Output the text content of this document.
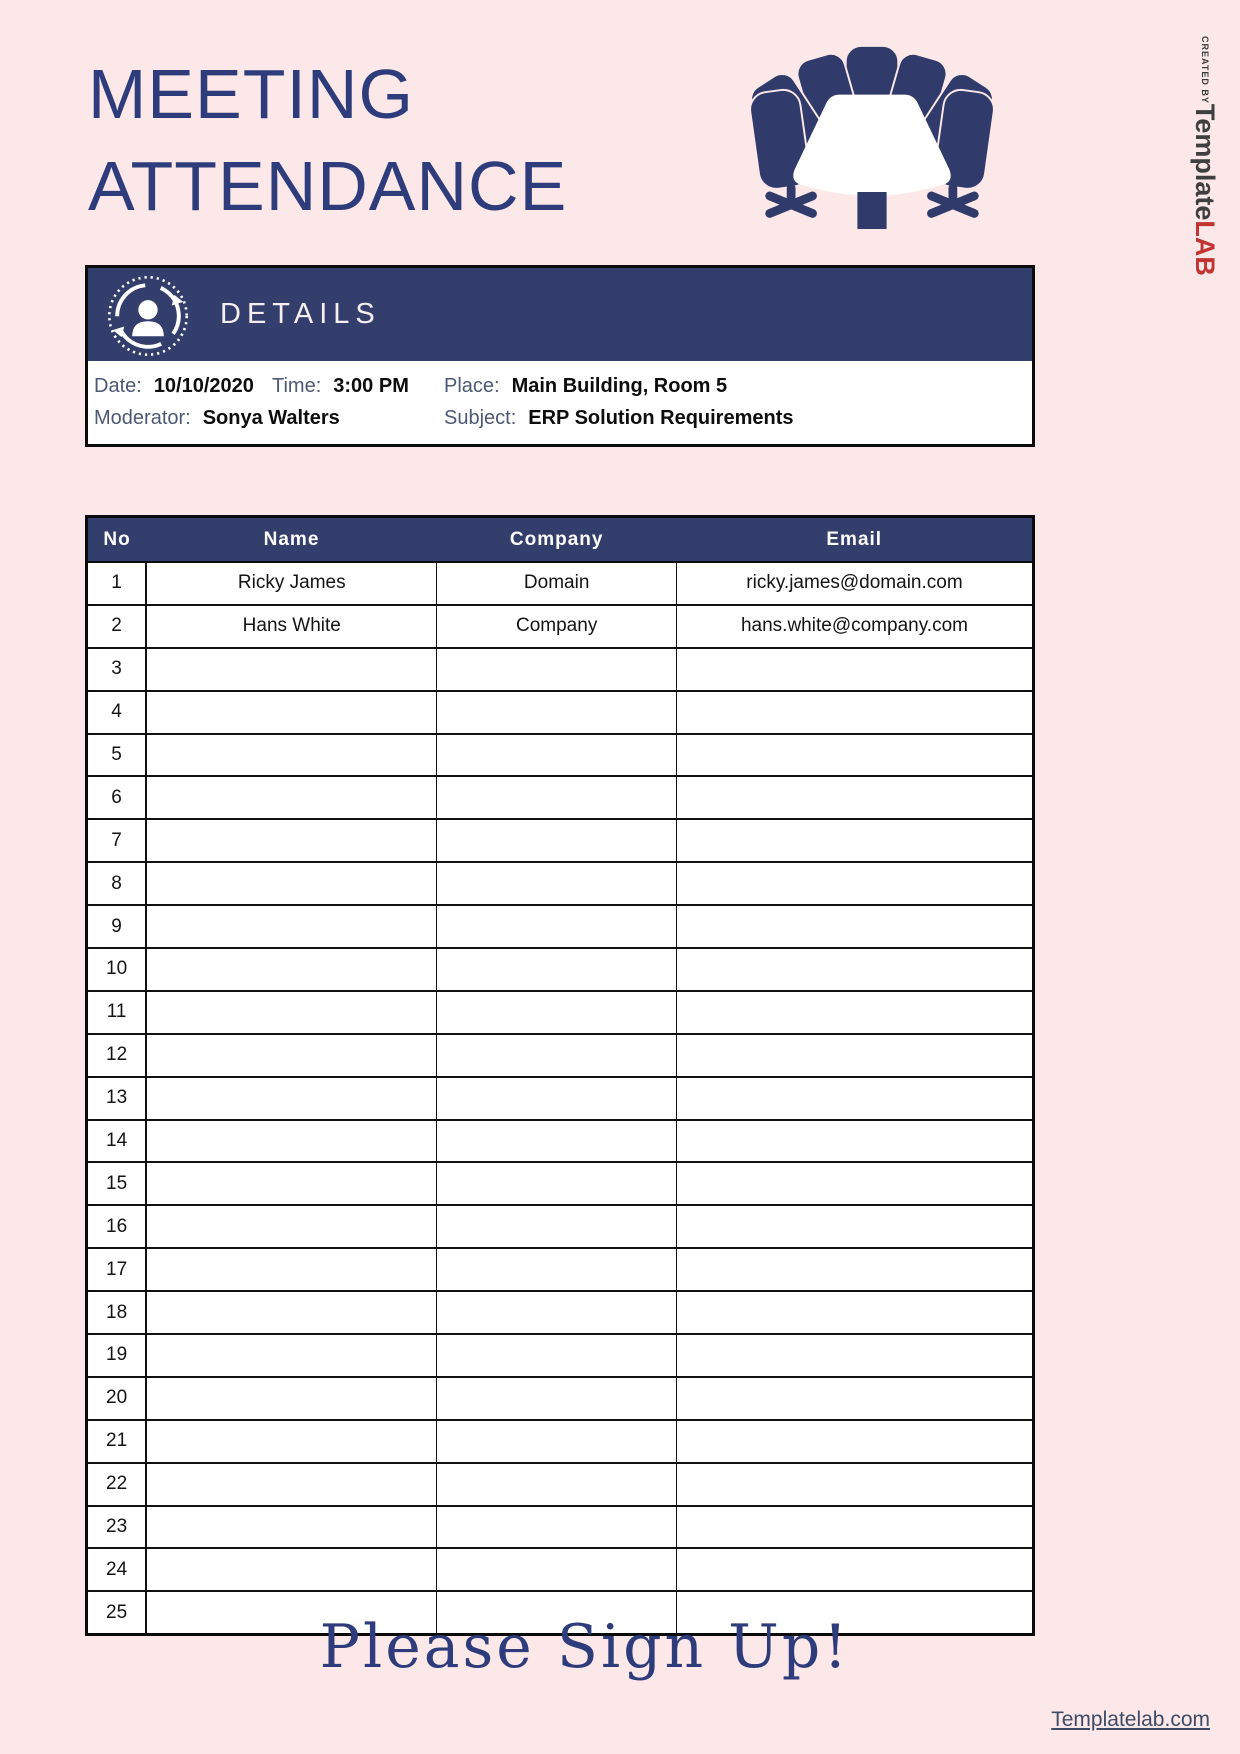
MEETING
ATTENDANCE
CREATED BYTemplateLAB
DETAILS
Date: 10/10/2020 Time: 3:00 PM Place: Main Building, Room 5
Moderator: Sonya Walters	Subject: ERP Solution Requirements
No	Name	Company	Email
1	Ricky James	Domain	ricky.james@domain.com
2	Hans White	Company	hans.white@company.com
3			
4			
5			
6			
7			
8			
9			
10			
11			
12			
13			
14			
15			
16			
17			
18			
19			
20			
21			
22			
23			
24			
25				Please Sign Up!
Templatelab.com
